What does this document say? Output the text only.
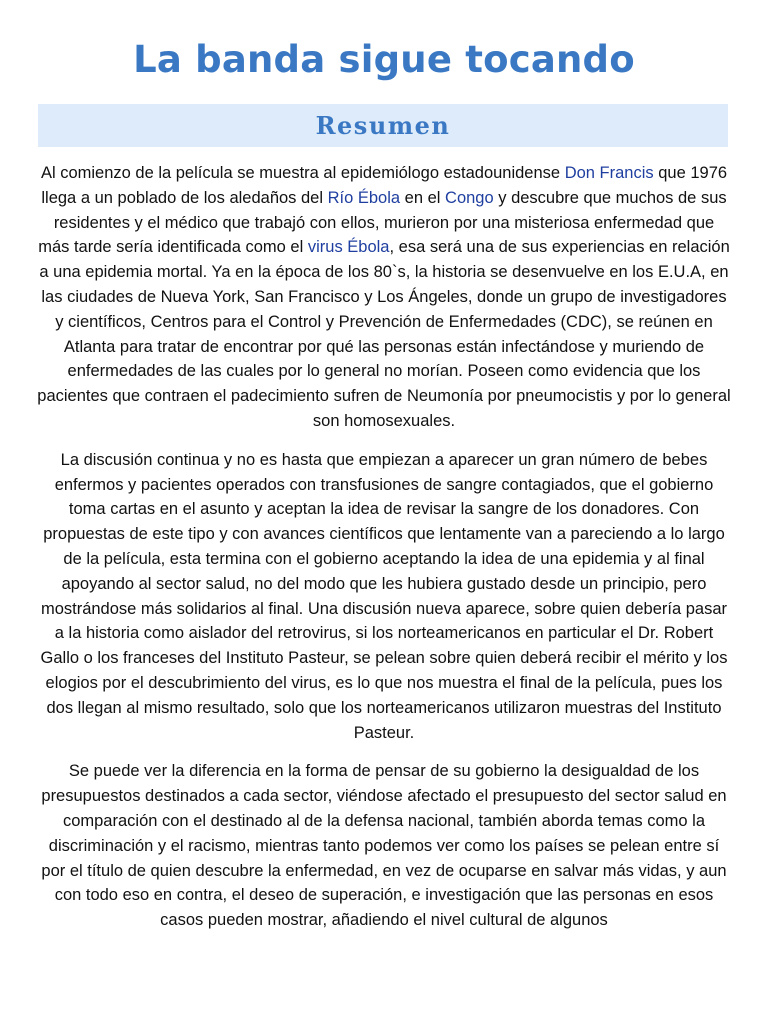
La banda sigue tocando
Resumen

Al comienzo de la película se muestra al epidemiólogo estadounidense Don Francis que 1976 llega a un poblado de los aledaños del Río Ébola en el Congo y descubre que muchos de sus residentes y el médico que trabajó con ellos, murieron por una misteriosa enfermedad que más tarde sería identificada como el virus Ébola, esa será una de sus experiencias en relación a una epidemia mortal. Ya en la época de los 80`s, la historia se desenvuelve en los E.U.A, en las ciudades de Nueva York, San Francisco y Los Ángeles, donde un grupo de investigadores y científicos, Centros para el Control y Prevención de Enfermedades (CDC), se reúnen en Atlanta para tratar de encontrar por qué las personas están infectándose y muriendo de enfermedades de las cuales por lo general no morían. Poseen como evidencia que los pacientes que contraen el padecimiento sufren de Neumonía por pneumocistis y por lo general son homosexuales.

La discusión continua y no es hasta que empiezan a aparecer un gran número de bebes enfermos y pacientes operados con transfusiones de sangre contagiados, que el gobierno toma cartas en el asunto y aceptan la idea de revisar la sangre de los donadores. Con propuestas de este tipo y con avances científicos que lentamente van a pareciendo a lo largo de la película, esta termina con el gobierno aceptando la idea de una epidemia y al final apoyando al sector salud, no del modo que les hubiera gustado desde un principio, pero mostrándose más solidarios al final. Una discusión nueva aparece, sobre quien debería pasar a la historia como aislador del retrovirus, si los norteamericanos en particular el Dr. Robert Gallo o los franceses del Instituto Pasteur, se pelean sobre quien deberá recibir el mérito y los elogios por el descubrimiento del virus, es lo que nos muestra el final de la película, pues los dos llegan al mismo resultado, solo que los norteamericanos utilizaron muestras del Instituto Pasteur.

Se puede ver la diferencia en la forma de pensar de su gobierno la desigualdad de los presupuestos destinados a cada sector, viéndose afectado el presupuesto del sector salud en comparación con el destinado al de la defensa nacional, también aborda temas como la discriminación y el racismo, mientras tanto podemos ver como los países se pelean entre sí por el título de quien descubre la enfermedad, en vez de ocuparse en salvar más vidas, y aun con todo eso en contra, el deseo de superación, e investigación que las personas en esos casos pueden mostrar, añadiendo el nivel cultural de algunos
